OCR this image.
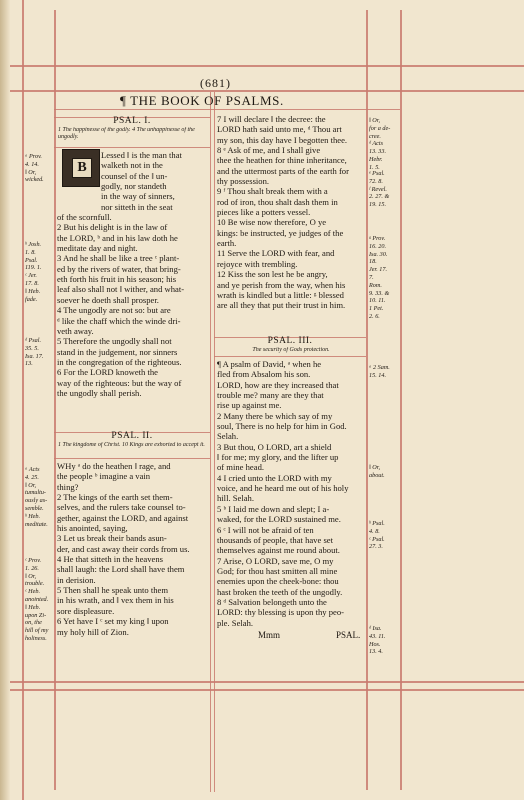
(681)
¶ THE BOOK OF PSALMS.
PSAL. I.
1 The happinesse of the godly. 4 The unhappinesse of the ungodly.
B
Lessed ‖ is the man that
walketh not in the
counsel of the ‖ un-
godly, nor standeth
in the way of sinners,
nor sitteth in the seat
of the scornfull.
2 But his delight is in the law of
the LORD, ᵇ and in his law doth he
meditate day and night.
3 And he shall be like a tree ᶜ plant-
ed by the rivers of water, that bring-
eth forth his fruit in his season; his
leaf also shall not ‖ wither, and what-
soever he doeth shall prosper.
4 The ungodly are not so: but are
ᵈ like the chaff which the winde dri-
veth away.
5 Therefore the ungodly shall not
stand in the judgement, nor sinners
in the congregation of the righteous.
6 For the LORD knoweth the
way of the righteous: but the way of
the ungodly shall perish.
PSAL. II.
1 The kingdome of Christ. 10 Kings are exhorted to accept it.
WHy ᵃ do the heathen ‖ rage, and
the people ᵇ imagine a vain
thing?
2 The kings of the earth set them-
selves, and the rulers take counsel to-
gether, against the LORD, and against
his anointed, saying,
3 Let us break their bands asun-
der, and cast away their cords from us.
4 He that sitteth in the heavens
shall laugh: the Lord shall have them
in derision.
5 Then shall he speak unto them
in his wrath, and ‖ vex them in his
sore displeasure.
6 Yet have I ᶜ set my king ‖ upon
my holy hill of Zion.
7 I will declare ‖ the decree: the
LORD hath said unto me, ᵈ Thou art
my son, this day have I begotten thee.
8 ᵉ Ask of me, and I shall give
thee the heathen for thine inheritance,
and the uttermost parts of the earth for
thy possession.
9 ᶠ Thou shalt break them with a
rod of iron, thou shalt dash them in
pieces like a potters vessel.
10 Be wise now therefore, O ye
kings: be instructed, ye judges of the
earth.
11 Serve the LORD with fear, and
rejoyce with trembling.
12 Kiss the son lest he be angry,
and ye perish from the way, when his
wrath is kindled but a little: ᵍ blessed
are all they that put their trust in him.
PSAL. III.
The security of Gods protection.
¶ A psalm of David, ᵃ when he
fled from Absalom his son.
LORD, how are they increased that
trouble me? many are they that
rise up against me.
2 Many there be which say of my
soul, There is no help for him in God.
Selah.
3 But thou, O LORD, art a shield
‖ for me; my glory, and the lifter up
of mine head.
4 I cried unto the LORD with my
voice, and he heard me out of his holy
hill. Selah.
5 ᵇ I laid me down and slept; I a-
waked, for the LORD sustained me.
6 ᶜ I will not be afraid of ten
thousands of people, that have set
themselves against me round about.
7 Arise, O LORD, save me, O my
God; for thou hast smitten all mine
enemies upon the cheek-bone: thou
hast broken the teeth of the ungodly.
8 ᵈ Salvation belongeth unto the
LORD: thy blessing is upon thy peo-
ple. Selah.
Mmm	PSAL.
ᵃ Prov.
4. 14.
‖ Or,
wicked.
ᵇ Josh.
1. 8.
Psal.
119. 1.
ᶜ Jer.
17. 8.
‖ Heb.
fade.
ᵈ Psal.
35. 5.
Isa. 17.
13.
ᵃ Acts
4. 25.
‖ Or,
tumultu-
ously as-
semble.
ᵇ Heb.
meditate.
ᶜ Prov.
1. 26.
‖ Or,
trouble.
ᶜ Heb.
anointed.
‖ Heb.
upon Zi-
on, the
hill of my
holiness.
‖ Or,
for a de-
cree.
ᵈ Acts
13. 33.
Hebr.
1. 5.
ᵉ Psal.
72. 8.
ᶠ Revel.
2. 27. &
19. 15.
ᵍ Prov.
16. 20.
Isa. 30.
18.
Jer. 17.
7.
Rom.
9. 33. &
10. 11.
1 Pet.
2. 6.
ᵃ 2 Sam.
15. 14.
‖ Or,
about.
ᵇ Psal.
4. 8.
ᶜ Psal.
27. 3.
ᵈ Isa.
43. 11.
Hos.
13. 4.
